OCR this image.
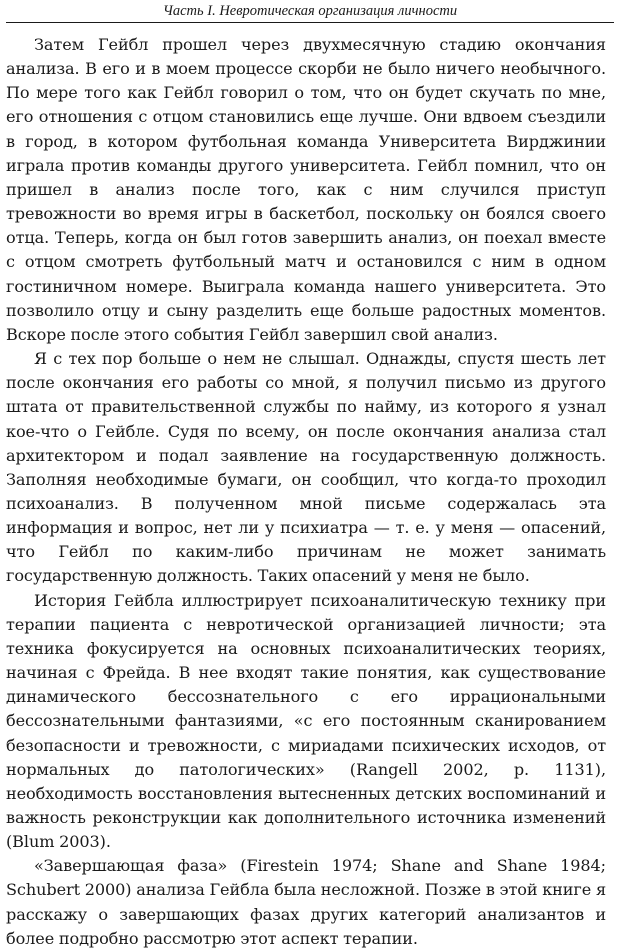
Часть I. Невротическая организация личности

Затем Гейбл прошел через двухмесячную стадию окончания анализа. В его и в моем процессе скорби не было ничего необычного. По мере того как Гейбл говорил о том, что он будет скучать по мне, его отношения с отцом становились еще лучше. Они вдвоем съездили в город, в котором футбольная команда Университета Вирджинии играла против команды другого университета. Гейбл помнил, что он пришел в анализ после того, как с ним случился приступ тревожности во время игры в баскетбол, поскольку он боялся своего отца. Теперь, когда он был готов завершить анализ, он поехал вместе с отцом смотреть футбольный матч и остановился с ним в одном гостиничном номере. Выиграла команда нашего университета. Это позволило отцу и сыну разделить еще больше радостных моментов. Вскоре после этого события Гейбл завершил свой анализ.

Я с тех пор больше о нем не слышал. Однажды, спустя шесть лет после окончания его работы со мной, я получил письмо из другого штата от правительственной службы по найму, из которого я узнал кое-что о Гейбле. Судя по всему, он после окончания анализа стал архитектором и подал заявление на государственную должность. Заполняя необходимые бумаги, он сообщил, что когда-то проходил психоанализ. В полученном мной письме содержалась эта информация и вопрос, нет ли у психиатра — т. е. у меня — опасений, что Гейбл по каким-либо причинам не может занимать государственную должность. Таких опасений у меня не было.

История Гейбла иллюстрирует психоаналитическую технику при терапии пациента с невротической организацией личности; эта техника фокусируется на основных психоаналитических теориях, начиная с Фрейда. В нее входят такие понятия, как существование динамического бессознательного с его иррациональными бессознательными фантазиями, «с его постоянным сканированием безопасности и тревожности, с мириадами психических исходов, от нормальных до патологических» (Rangell 2002, p. 1131), необходимость восстановления вытесненных детских воспоминаний и важность реконструкции как дополнительного источника изменений (Blum 2003).

«Завершающая фаза» (Firestein 1974; Shane and Shane 1984; Schubert 2000) анализа Гейбла была несложной. Позже в этой книге я расскажу о завершающих фазах других категорий анализантов и более подробно рассмотрю этот аспект терапии.
